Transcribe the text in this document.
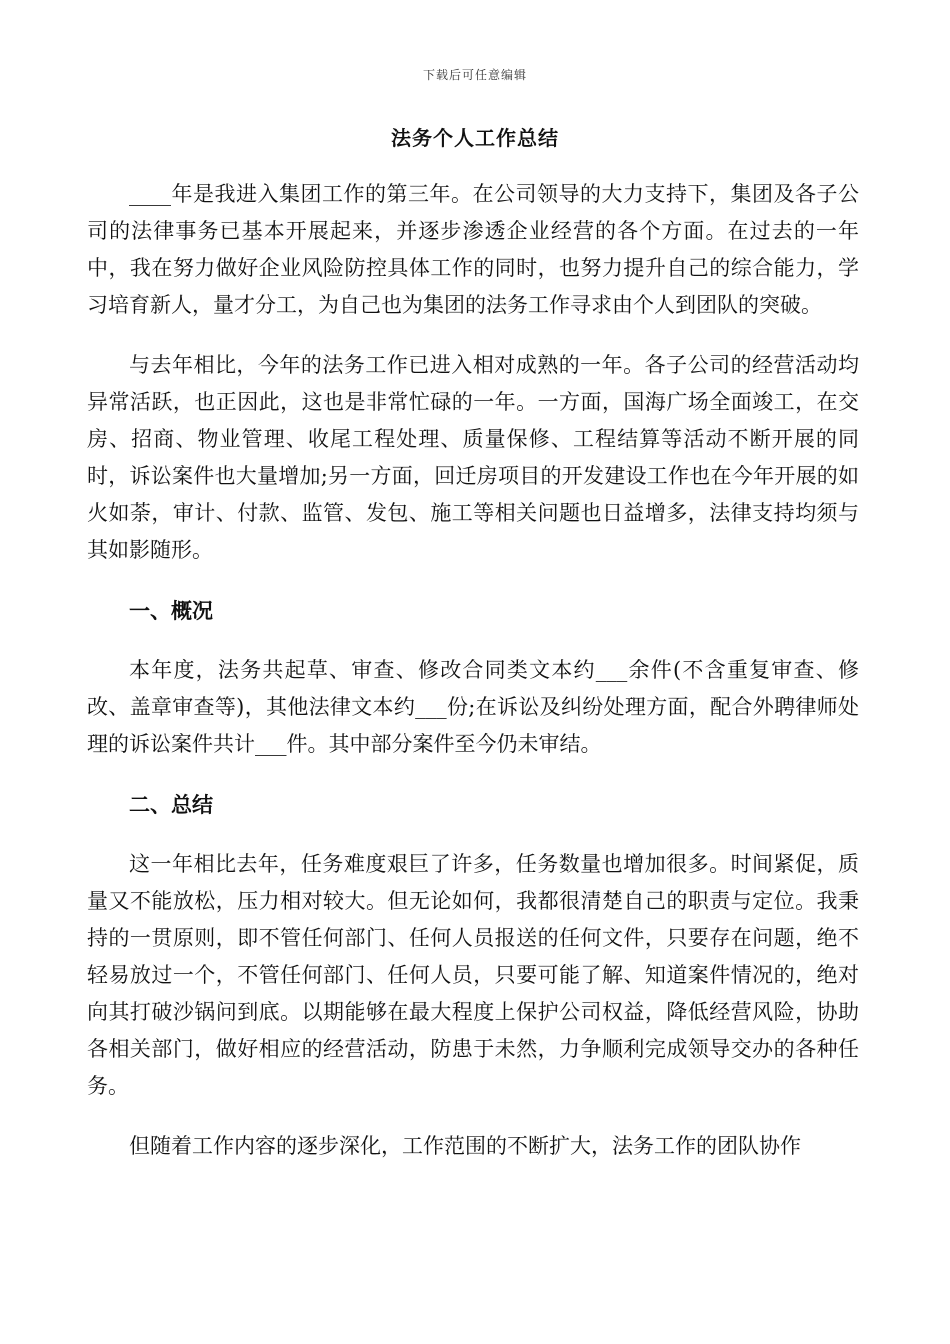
下载后可任意编辑
法务个人工作总结

____年是我进入集团工作的第三年。在公司领导的大力支持下，集团及各子公司的法律事务已基本开展起来，并逐步渗透企业经营的各个方面。在过去的一年中，我在努力做好企业风险防控具体工作的同时，也努力提升自己的综合能力，学习培育新人，量才分工，为自己也为集团的法务工作寻求由个人到团队的突破。

与去年相比，今年的法务工作已进入相对成熟的一年。各子公司的经营活动均异常活跃，也正因此，这也是非常忙碌的一年。一方面，国海广场全面竣工，在交房、招商、物业管理、收尾工程处理、质量保修、工程结算等活动不断开展的同时，诉讼案件也大量增加;另一方面，回迁房项目的开发建设工作也在今年开展的如火如荼，审计、付款、监管、发包、施工等相关问题也日益增多，法律支持均须与其如影随形。

一、概况

本年度，法务共起草、审查、修改合同类文本约___余件(不含重复审查、修改、盖章审查等)，其他法律文本约___份;在诉讼及纠纷处理方面，配合外聘律师处理的诉讼案件共计___件。其中部分案件至今仍未审结。

二、总结

这一年相比去年，任务难度艰巨了许多，任务数量也增加很多。时间紧促，质量又不能放松，压力相对较大。但无论如何，我都很清楚自己的职责与定位。我秉持的一贯原则，即不管任何部门、任何人员报送的任何文件，只要存在问题，绝不轻易放过一个，不管任何部门、任何人员，只要可能了解、知道案件情况的，绝对向其打破沙锅问到底。以期能够在最大程度上保护公司权益，降低经营风险，协助各相关部门，做好相应的经营活动，防患于未然，力争顺利完成领导交办的各种任务。

但随着工作内容的逐步深化，工作范围的不断扩大，法务工作的团队协作
